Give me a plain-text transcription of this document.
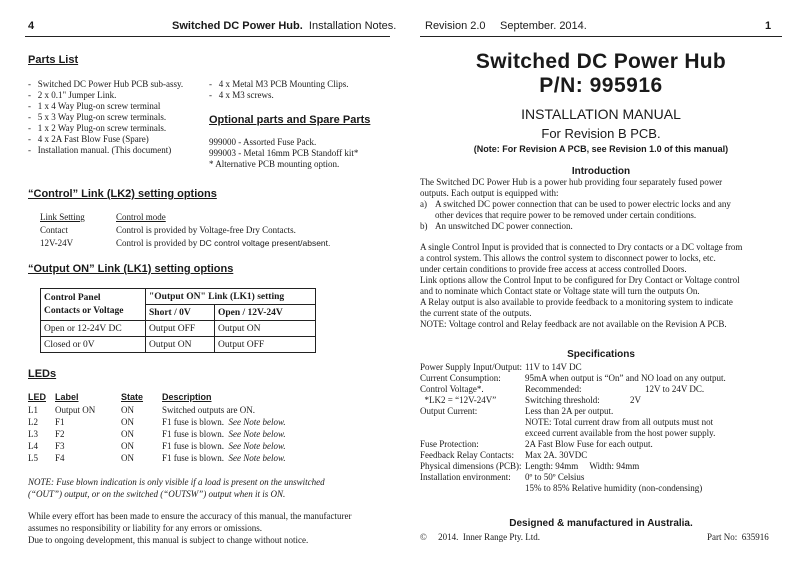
4	Switched DC Power Hub. Installation Notes.	Revision 2.0 September. 2014.	1
Parts List
-   Switched DC Power Hub PCB sub-assy.
-   2 x 0.1" Jumper Link.
-   1 x 4 Way Plug-on screw terminal
-   5 x 3 Way Plug-on screw terminals.
-   1 x 2 Way Plug-on screw terminals.
-   4 x 2A Fast Blow Fuse (Spare)
-   Installation manual. (This document)
-   4 x Metal M3 PCB Mounting Clips.
-   4 x M3 screws.
Optional parts and Spare Parts
999000 - Assorted Fuse Pack.
999003 - Metal 16mm PCB Standoff kit*
* Alternative PCB mounting option.
“Control” Link (LK2) setting options
Link Setting	Control mode
Contact	Control is provided by Voltage-free Dry Contacts.
12V-24V	Control is provided by DC control voltage present/absent.
“Output ON” Link (LK1) setting options
Control Panel
Contacts or Voltage	"Output ON" Link (LK1) setting	
	Short / 0V	Open / 12V-24V
Open or 12-24V DC	Output OFF	Output ON
Closed or 0V	Output ON	Output OFF
LEDs
LED Label	State Description
L1 Output ON	ON	Switched outputs are ON.
L2 F1	ON	F1 fuse is blown. See Note below.
L3 F2	ON	F1 fuse is blown. See Note below.
L4 F3	ON	F1 fuse is blown. See Note below.
L5 F4	ON	F1 fuse is blown. See Note below.
NOTE: Fuse blown indication is only visible if a load is present on the unswitched
(“OUT”) output, or on the switched (“OUTSW”) output when it is ON.
While every effort has been made to ensure the accuracy of this manual, the manufacturer
assumes no responsibility or liability for any errors or omissions.
Due to ongoing development, this manual is subject to change without notice.
Switched DC Power Hub
P/N: 995916
INSTALLATION MANUAL
For Revision B PCB.
(Note: For Revision A PCB, see Revision 1.0 of this manual)
Introduction
The Switched DC Power Hub is a power hub providing four separately fused power
outputs. Each output is equipped with:
a) A switched DC power connection that can be used to power electric locks and any
other devices that require power to be removed under certain conditions.
b) An unswitched DC power connection.
A single Control Input is provided that is connected to Dry contacts or a DC voltage from
a control system. This allows the control system to disconnect power to locks, etc.
under certain conditions to provide free access at access controlled Doors.
Link options allow the Control Input to be configured for Dry Contact or Voltage control
and to nominate which Contact state or Voltage state will turn the outputs On.
A Relay output is also available to provide feedback to a monitoring system to indicate
the current state of the outputs.
NOTE: Voltage control and Relay feedback are not available on the Revision A PCB.
Specifications
Power Supply Input/Output: 11V to 14V DC
Current Consumption:	95mA when output is “On” and NO load on any output.
Control Voltage*.	Recommended:	12V to 24V DC.
*LK2 = “12V-24V”	Switching threshold:	2V
Output Current:	Less than 2A per output.
NOTE: Total current draw from all outputs must not
exceed current available from the host power supply.
Fuse Protection:	2A Fast Blow Fuse for each output.
Feedback Relay Contacts: Max 2A. 30VDC
Physical dimensions (PCB): Length: 94mm     Width: 94mm
Installation environment: 0º to 50º Celsius
15% to 85% Relative humidity (non-condensing)
Designed & manufactured in Australia.
©     2014.  Inner Range Pty. Ltd.	Part No:  635916
